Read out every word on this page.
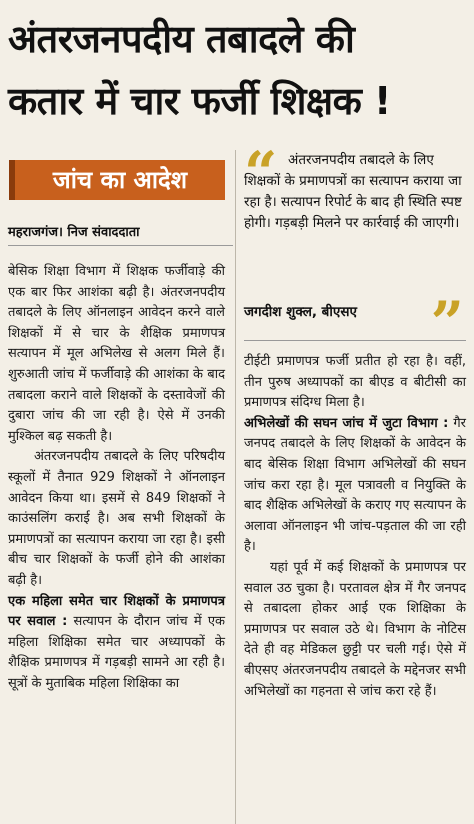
अंतरजनपदीय तबादले की
कतार में चार फर्जी शिक्षक !
जांच का आदेश
महराजगंज। निज संवाददाता
“ अंतरजनपदीय तबादले के लिए शिक्षकों के प्रमाणपत्रों का सत्यापन कराया जा रहा है। सत्यापन रिपोर्ट के बाद ही स्थिति स्पष्ट होगी। गड़बड़ी मिलने पर कार्रवाई की जाएगी।
जगदीश शुक्ल, बीएसए ”

बेसिक शिक्षा विभाग में शिक्षक फर्जीवाड़े की एक बार फिर आशंका बढ़ी है। अंतरजनपदीय तबादले के लिए ऑनलाइन आवेदन करने वाले शिक्षकों में से चार के शैक्षिक प्रमाणपत्र सत्यापन में मूल अभिलेख से अलग मिले हैं। शुरुआती जांच में फर्जीवाड़े की आशंका के बाद तबादला कराने वाले शिक्षकों के दस्तावेजों की दुबारा जांच की जा रही है। ऐसे में उनकी मुश्किल बढ़ सकती है।

अंतरजनपदीय तबादले के लिए परिषदीय स्कूलों में तैनात 929 शिक्षकों ने ऑनलाइन आवेदन किया था। इसमें से 849 शिक्षकों ने काउंसलिंग कराई है। अब सभी शिक्षकों के प्रमाणपत्रों का सत्यापन कराया जा रहा है। इसी बीच चार शिक्षकों के फर्जी होने की आशंका बढ़ी है।

एक महिला समेत चार शिक्षकों के प्रमाणपत्र पर सवाल : सत्यापन के दौरान जांच में एक महिला शिक्षिका समेत चार अध्यापकों के शैक्षिक प्रमाणपत्र में गड़बड़ी सामने आ रही है। सूत्रों के मुताबिक महिला शिक्षिका का

टीईटी प्रमाणपत्र फर्जी प्रतीत हो रहा है। वहीं, तीन पुरुष अध्यापकों का बीएड व बीटीसी का प्रमाणपत्र संदिग्ध मिला है।

अभिलेखों की सघन जांच में जुटा विभाग : गैर जनपद तबादले के लिए शिक्षकों के आवेदन के बाद बेसिक शिक्षा विभाग अभिलेखों की सघन जांच करा रहा है। मूल पत्रावली व नियुक्ति के बाद शैक्षिक अभिलेखों के कराए गए सत्यापन के अलावा ऑनलाइन भी जांच-पड़ताल की जा रही है।

यहां पूर्व में कई शिक्षकों के प्रमाणपत्र पर सवाल उठ चुका है। परतावल क्षेत्र में गैर जनपद से तबादला होकर आई एक शिक्षिका के प्रमाणपत्र पर सवाल उठे थे। विभाग के नोटिस देते ही वह मेडिकल छुट्टी पर चली गई। ऐसे में बीएसए अंतरजनपदीय तबादले के मद्देनजर सभी अभिलेखों का गहनता से जांच करा रहे हैं।
